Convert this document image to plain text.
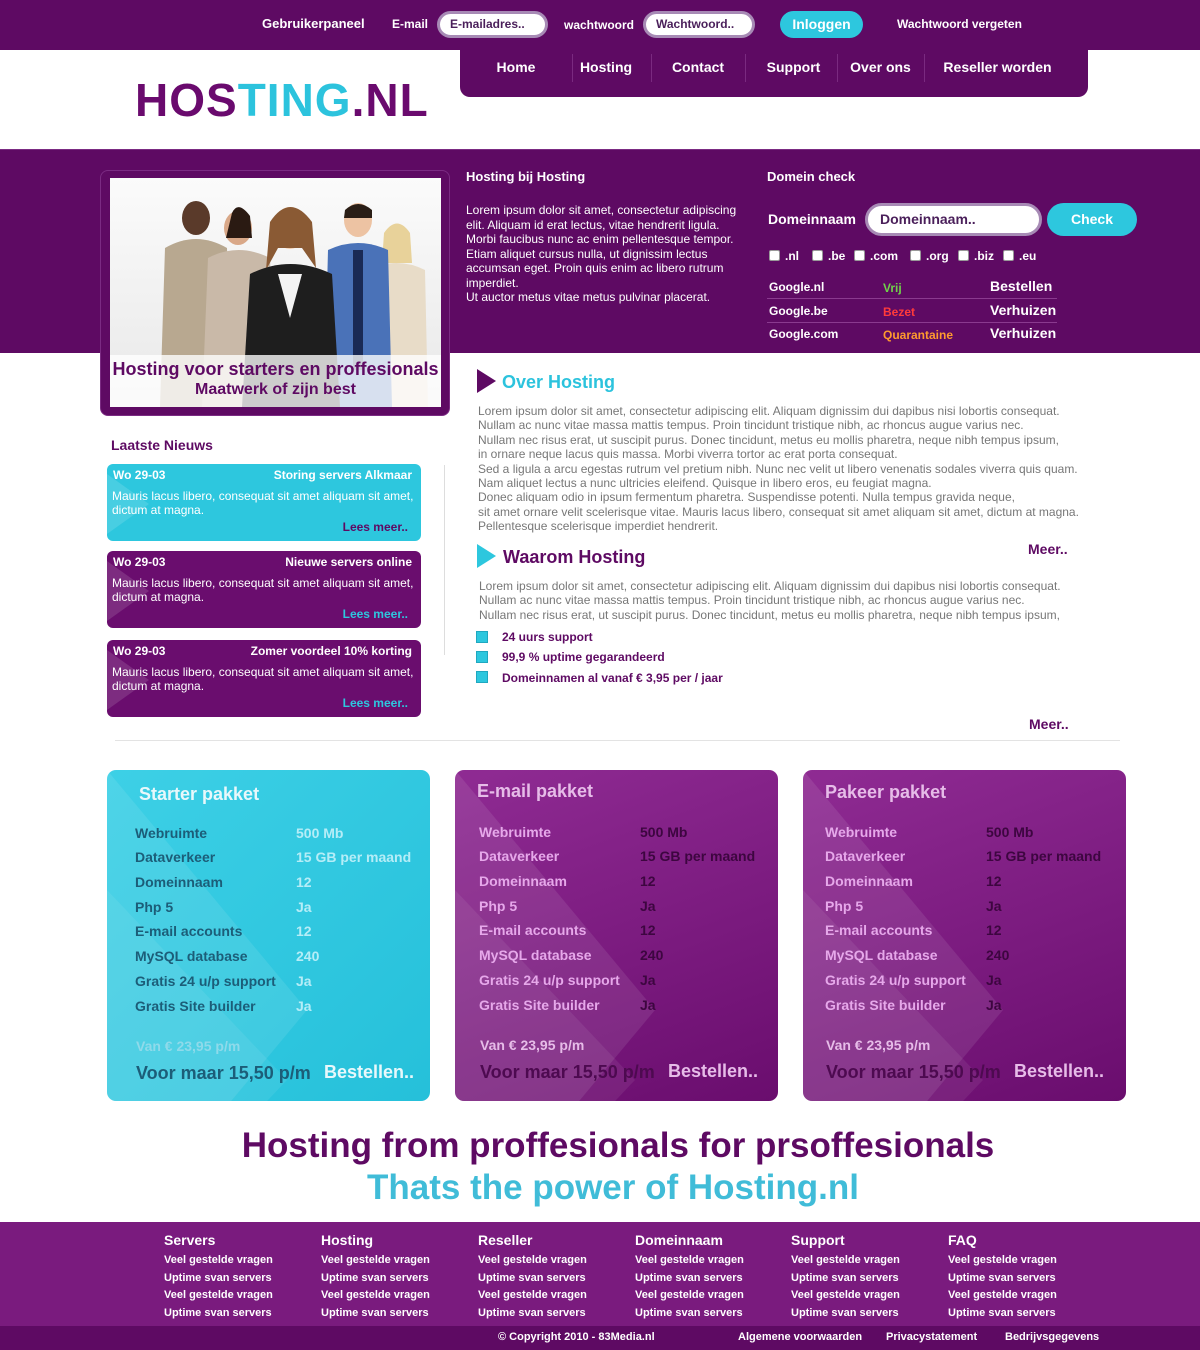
Gebruikerpaneel E-mail	E-mailadres..	wachtwoord	Wachtwoord..	Inloggen	Wachtwoord vergeten
HOSTING.NL
Home	Hosting	Contact	Support	Over ons	Reseller worden
Hosting voor starters en proffesionals
Maatwerk of zijn best
Hosting bij Hosting
Lorem ipsum dolor sit amet, consectetur adipiscing
elit. Aliquam id erat lectus, vitae hendrerit ligula.
Morbi faucibus nunc ac enim pellentesque tempor.
Etiam aliquet cursus nulla, ut dignissim lectus
accumsan eget. Proin quis enim ac libero rutrum
imperdiet.
Ut auctor metus vitae metus pulvinar placerat.
Domein check
Domeinnaam	Domeinnaam..	Check
.nl	.be	.com	.org	.biz	.eu
Google.nl	Vrij	Bestellen
Google.be	Bezet	Verhuizen
Google.com	Quarantaine	Verhuizen
Laatste Nieuws
Wo 29-03	Storing servers Alkmaar
Mauris lacus libero, consequat sit amet aliquam sit amet, dictum at magna.
Lees meer..
Wo 29-03	Nieuwe servers online
Mauris lacus libero, consequat sit amet aliquam sit amet, dictum at magna.
Lees meer..
Wo 29-03	Zomer voordeel 10% korting
Mauris lacus libero, consequat sit amet aliquam sit amet, dictum at magna.
Lees meer..
Over Hosting
Lorem ipsum dolor sit amet, consectetur adipiscing elit. Aliquam dignissim dui dapibus nisi lobortis consequat.
Nullam ac nunc vitae massa mattis tempus. Proin tincidunt tristique nibh, ac rhoncus augue varius nec.
Nullam nec risus erat, ut suscipit purus. Donec tincidunt, metus eu mollis pharetra, neque nibh tempus ipsum,
in ornare neque lacus quis massa. Morbi viverra tortor ac erat porta consequat.
Sed a ligula a arcu egestas rutrum vel pretium nibh. Nunc nec velit ut libero venenatis sodales viverra quis quam.
Nam aliquet lectus a nunc ultricies eleifend. Quisque in libero eros, eu feugiat magna.
Donec aliquam odio in ipsum fermentum pharetra. Suspendisse potenti. Nulla tempus gravida neque,
sit amet ornare velit scelerisque vitae. Mauris lacus libero, consequat sit amet aliquam sit amet, dictum at magna.
Pellentesque scelerisque imperdiet hendrerit.
Meer..
Waarom Hosting
Lorem ipsum dolor sit amet, consectetur adipiscing elit. Aliquam dignissim dui dapibus nisi lobortis consequat.
Nullam ac nunc vitae massa mattis tempus. Proin tincidunt tristique nibh, ac rhoncus augue varius nec.
Nullam nec risus erat, ut suscipit purus. Donec tincidunt, metus eu mollis pharetra, neque nibh tempus ipsum,
24 uurs support
99,9 % uptime gegarandeerd
Domeinnamen al vanaf € 3,95 per / jaar
Meer..
Starter pakket
Webruimte	500 Mb
Dataverkeer	15 GB per maand
Domeinnaam	12
Php 5	Ja
E-mail accounts	12
MySQL database	240
Gratis 24 u/p support Ja
Gratis Site builder	Ja
Van € 23,95 p/m
Voor maar 15,50 p/m Bestellen..
E-mail pakket
Webruimte	500 Mb
Dataverkeer	15 GB per maand
Domeinnaam	12
Php 5	Ja
E-mail accounts	12
MySQL database	240
Gratis 24 u/p support Ja
Gratis Site builder	Ja
Van € 23,95 p/m
Voor maar 15,50 p/m Bestellen..
Pakeer pakket
Webruimte	500 Mb
Dataverkeer	15 GB per maand
Domeinnaam	12
Php 5	Ja
E-mail accounts	12
MySQL database	240
Gratis 24 u/p support Ja
Gratis Site builder	Ja
Van € 23,95 p/m
Voor maar 15,50 p/m Bestellen..
Hosting from proffesionals for prsoffesionals
Thats the power of Hosting.nl
Servers
Veel gestelde vragen
Uptime svan servers
Veel gestelde vragen
Uptime svan servers
Hosting
Veel gestelde vragen
Uptime svan servers
Veel gestelde vragen
Uptime svan servers
Reseller
Veel gestelde vragen
Uptime svan servers
Veel gestelde vragen
Uptime svan servers
Domeinnaam
Veel gestelde vragen
Uptime svan servers
Veel gestelde vragen
Uptime svan servers
Support
Veel gestelde vragen
Uptime svan servers
Veel gestelde vragen
Uptime svan servers
FAQ
Veel gestelde vragen
Uptime svan servers
Veel gestelde vragen
Uptime svan servers
© Copyright 2010 - 83Media.nl	Algemene voorwaarden Privacystatement	Bedrijvsgegevens
